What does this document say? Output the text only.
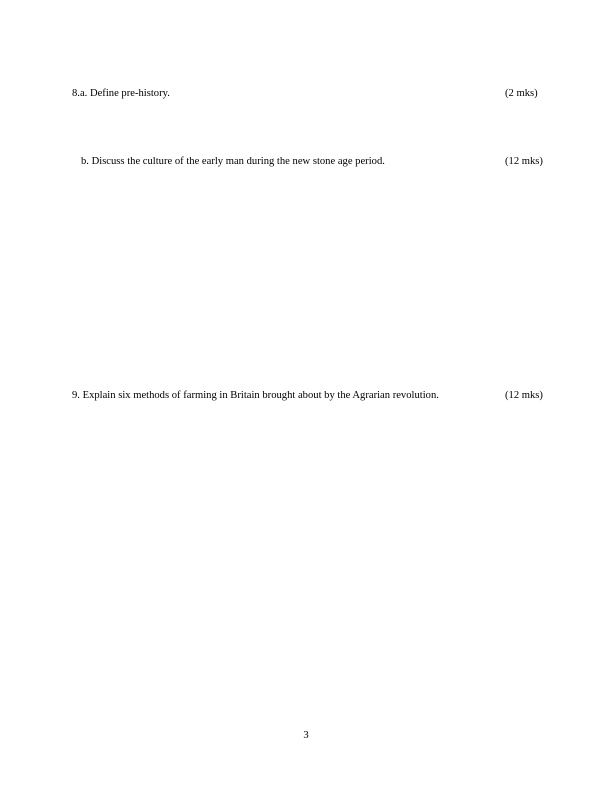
8.a. Define pre-history.	(2 mks)
b. Discuss the culture of the early man during the new stone age period.	(12 mks)
9. Explain six methods of farming in Britain brought about by the Agrarian revolution.	(12 mks)
3
